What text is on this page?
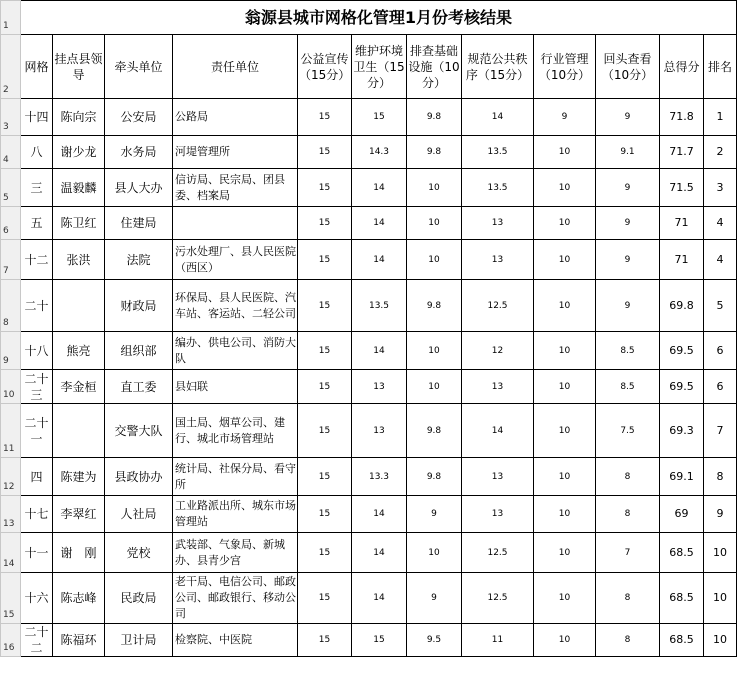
1	翁源县城市网格化管理1月份考核结果											
2	网格	挂点县领导	牵头单位	责任单位	公益宣传（15分）	维护环境卫生（15分）	排查基础设施（10分）	规范公共秩序（15分）	行业管理（10分）	回头查看（10分）	总得分	排名
3	十四	陈向宗	公安局	公路局	15	15	9.8	14	9	9	71.8	1
4	八	谢少龙	水务局	河堤管理所	15	14.3	9.8	13.5	10	9.1	71.7	2
5	三	温毅麟	县人大办	信访局、民宗局、团县委、档案局	15	14	10	13.5	10	9	71.5	3
6	五	陈卫红	住建局		15	14	10	13	10	9	71	4
7	十二	张洪	法院	污水处理厂、县人民医院（西区）	15	14	10	13	10	9	71	4
8	二十		财政局	环保局、县人民医院、汽车站、客运站、二轻公司	15	13.5	9.8	12.5	10	9	69.8	5
9	十八	熊亮	组织部	编办、供电公司、消防大队	15	14	10	12	10	8.5	69.5	6
10	二十三	李金桓	直工委	县妇联	15	13	10	13	10	8.5	69.5	6
11	二十一		交警大队	国土局、烟草公司、建行、城北市场管理站	15	13	9.8	14	10	7.5	69.3	7
12	四	陈建为	县政协办	统计局、社保分局、看守所	15	13.3	9.8	13	10	8	69.1	8
13	十七	李翠红	人社局	工业路派出所、城东市场管理站	15	14	9	13	10	8	69	9
14	十一	谢　刚	党校	武装部、气象局、新城办、县青少宫	15	14	10	12.5	10	7	68.5	10
15	十六	陈志峰	民政局	老干局、电信公司、邮政公司、邮政银行、移动公司	15	14	9	12.5	10	8	68.5	10
16	二十二	陈福环	卫计局	检察院、中医院	15	15	9.5	11	10	8	68.5	10
